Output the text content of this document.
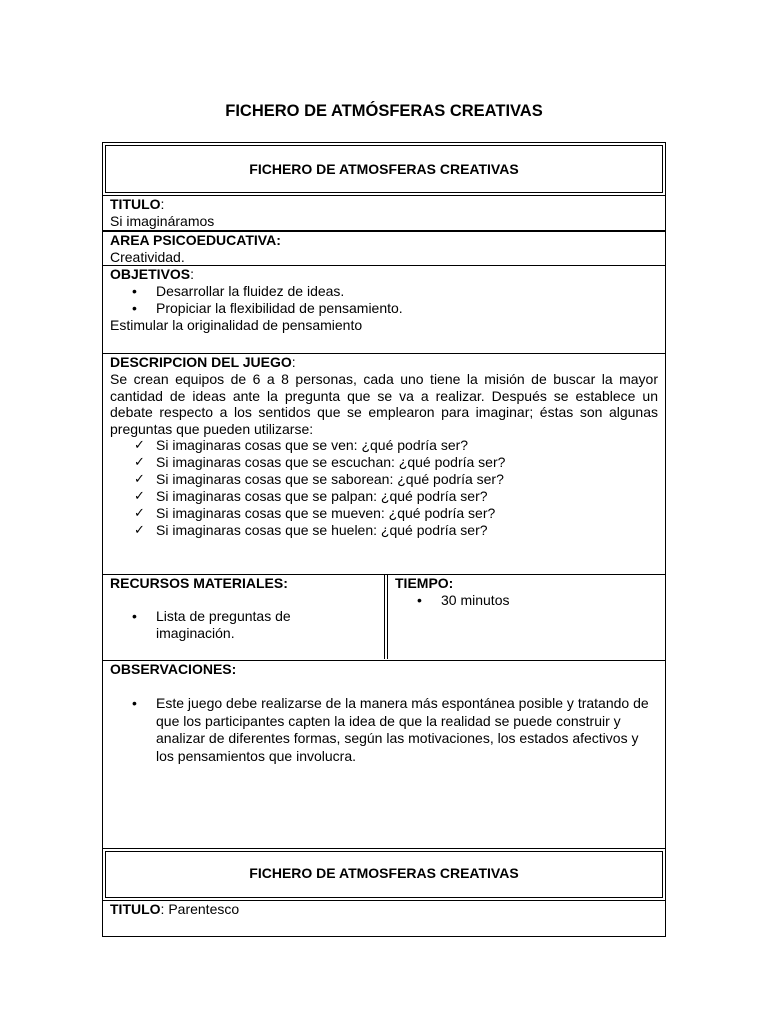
FICHERO DE ATMÓSFERAS CREATIVAS
FICHERO DE ATMOSFERAS CREATIVAS
TITULO:
Si imagináramos
AREA PSICOEDUCATIVA:
Creatividad.
OBJETIVOS:
• Desarrollar la fluidez de ideas.
• Propiciar la flexibilidad de pensamiento.
Estimular la originalidad de pensamiento
DESCRIPCION DEL JUEGO:
Se crean equipos de 6 a 8 personas, cada uno tiene la misión de buscar la mayor cantidad de ideas ante la pregunta que se va a realizar. Después se establece un debate respecto a los sentidos que se emplearon para imaginar; éstas son algunas preguntas que pueden utilizarse:
✓ Si imaginaras cosas que se ven: ¿qué podría ser?
✓ Si imaginaras cosas que se escuchan: ¿qué podría ser?
✓ Si imaginaras cosas que se saborean: ¿qué podría ser?
✓ Si imaginaras cosas que se palpan: ¿qué podría ser?
✓ Si imaginaras cosas que se mueven: ¿qué podría ser?
✓ Si imaginaras cosas que se huelen: ¿qué podría ser?
RECURSOS MATERIALES:
• Lista de preguntas de imaginación.
TIEMPO:
• 30 minutos
OBSERVACIONES:
• Este juego debe realizarse de la manera más espontánea posible y tratando de que los participantes capten la idea de que la realidad se puede construir y analizar de diferentes formas, según las motivaciones, los estados afectivos y los pensamientos que involucra.
FICHERO DE ATMOSFERAS CREATIVAS
TITULO: Parentesco
